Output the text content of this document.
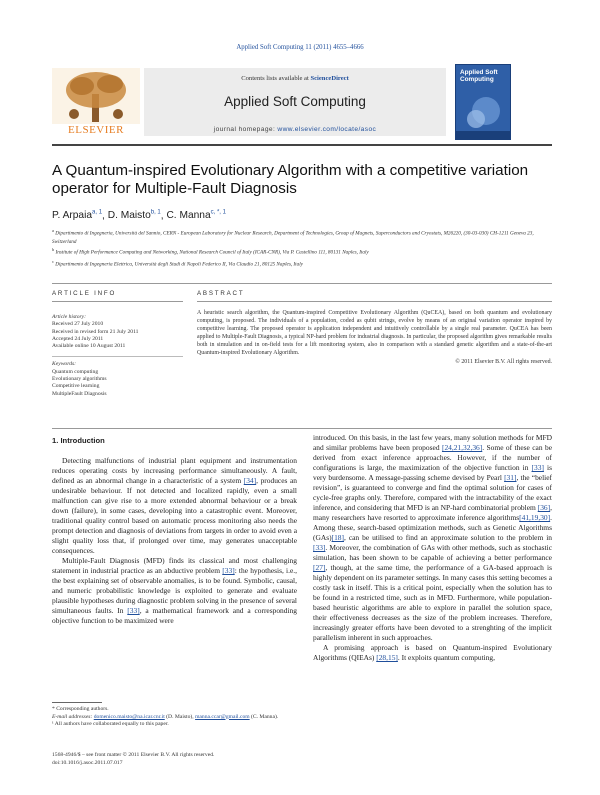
Applied Soft Computing 11 (2011) 4655–4666
ELSEVIER
Contents lists available at ScienceDirect
Applied Soft Computing
journal homepage: www.elsevier.com/locate/asoc
Applied Soft Computing
A Quantum-inspired Evolutionary Algorithm with a competitive variation operator for Multiple-Fault Diagnosis
P. Arpaia$^{a, 1}$, D. Maisto$^{b, 1}$, C. Manna$^{c, *, 1}$
$^a$ Dipartimento di Ingegneria, Università del Sannio, CERN - European Laboratory for Nuclear Research, Department of Technologies, Group of Magnets, Superconductors and Cryostats, M26220, (30-03-030) CH-1211 Geneva 23, Switzerland
$^b$ Institute of High Performance Computing and Networking, National Research Council of Italy (ICAR-CNR), Via P. Castellino 111, 80131 Naples, Italy
$^c$ Dipartimento di Ingegneria Elettrica, Università degli Studi di Napoli Federico II, Via Claudio 21, 80125 Naples, Italy
ARTICLE INFO	ABSTRACT
Article history:
Received 27 July 2010
Received in revised form 21 July 2011
Accepted 24 July 2011
Available online 10 August 2011
Keywords:
Quantum computing
Evolutionary algorithms
Competitive learning
MultipleFault Diagnosis
A heuristic search algorithm, the Quantum-inspired Competitive Evolutionary Algorithm (QuCEA), based on both quantum and evolutionary computing, is proposed. The individuals of a population, coded as qubit strings, evolve by means of an original variation operator inspired by competitive learning. The proposed operator is application independent and intuitively controllable by a single real parameter. QuCEA has been applied to Multiple-Fault Diagnosis, a typical NP-hard problem for industrial diagnosis. In particular, the proposed algorithm gives remarkable results both in simulation and in on-field tests for a lift monitoring system, also in comparison with a standard genetic algorithm and a state-of-the-art Quantum-inspired Evolutionary Algorithm.
© 2011 Elsevier B.V. All rights reserved.
1. Introduction

Detecting malfunctions of industrial plant equipment and instrumentation reduces operating costs by increasing performance simultaneously. A fault, defined as an abnormal change in a characteristic of a system [34], produces an undesirable behaviour. If not detected and localized rapidly, even a small malfunction can give rise to a more extended abnormal behaviour or a break down (failure), in some cases, developing into a catastrophic event. Moreover, traditional quality control based on automatic process monitoring also needs the prompt detection and diagnosis of deviations from targets in order to avoid even a slight quality loss that, if prolonged over time, may generates unacceptable consequences.

Multiple-Fault Diagnosis (MFD) finds its classical and most challenging statement in industrial practice as an abductive problem [33]: the hypothesis, i.e., the best explaining set of observable anomalies, is to be found. Symbolic, causal, and numeric probabilistic knowledge is exploited to generate and evaluate plausible hypotheses during diagnostic problem solving in the presence of several simultaneous faults. In [33], a mathematical framework and a corresponding objective function to be maximized were

introduced. On this basis, in the last few years, many solution methods for MFD and similar problems have been proposed [24,21,32,36]. Some of these can be derived from exact inference approaches. However, if the number of configurations is large, the maximization of the objective function in [33] is very burdensome. A message-passing scheme devised by Pearl [31], the “belief revision”, is guaranteed to converge and find the optimal solution for cases of cycle-free graphs only. Therefore, compared with the intractability of the exact inference, and considering that MFD is an NP-hard combinatorial problem [36], many researchers have resorted to approximate inference algorithms[41,19,30]. Among these, search-based optimization methods, such as Genetic Algorithms (GAs)[18], can be utilised to find an approximate solution to the problem in [33]. Moreover, the combination of GAs with other methods, such as stochastic simulation, has been shown to be capable of achieving a better performance [27], though, at the same time, the performance of a GA-based approach is highly dependent on its parameter settings. In many cases this setting becomes a costly task in itself. This is a critical point, especially when the solution has to be found in a restricted time, such as in MFD. Furthermore, while population-based heuristic algorithms are able to explore in parallel the solution space, their effectiveness decreases as the size of the problem increases. Therefore, increasingly greater efforts have been devoted to a strenghting of the implicit parallelism inherent in such approaches.

A promising approach is based on Quantum-inspired Evolutionary Algorithms (QIEAs) [28,15]. It exploits quantum computing,

* Corresponding authors.
E-mail addresses: domenico.maisto@na.icar.cnr.it (D. Maisto), manna.ccar@gmail.com (C. Manna).
¹ All authors have collaborated equally to this paper.
1568-4946/$ – see front matter © 2011 Elsevier B.V. All rights reserved.
doi:10.1016/j.asoc.2011.07.017
